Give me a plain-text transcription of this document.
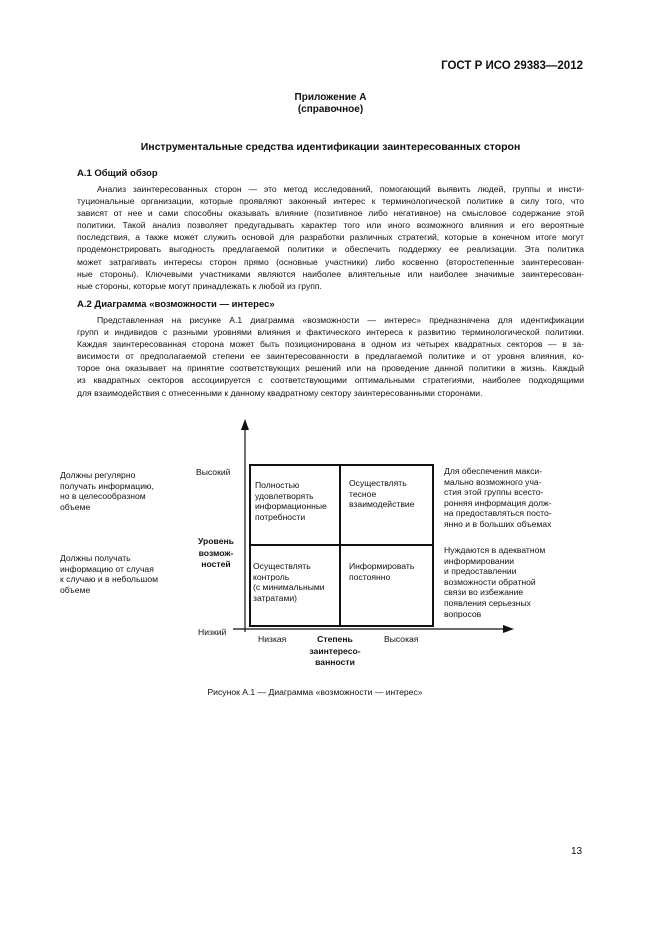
ГОСТ Р ИСО 29383—2012
Приложение А
(справочное)
Инструментальные средства идентификации заинтересованных сторон
А.1 Общий обзор
Анализ заинтересованных сторон — это метод исследований, помогающий выявить людей, группы и инсти-
туциональные организации, которые проявляют законный интерес к терминологической политике в силу того, что
зависят от нее и сами способны оказывать влияние (позитивное либо негативное) на смысловое содержание этой
политики. Такой анализ позволяет предугадывать характер того или иного возможного влияния и его вероятные
последствия, а также может служить основой для разработки различных стратегий, которые в конечном итоге могут
продемонстрировать выгодность предлагаемой политики и обеспечить поддержку ее реализации. Эта политика
может затрагивать интересы сторон прямо (основные участники) либо косвенно (второстепенные заинтересован-
ные стороны). Ключевыми участниками являются наиболее влиятельные или наиболее значимые заинтересован-
ные стороны, которые могут принадлежать к любой из групп.
А.2 Диаграмма «возможности — интерес»
Представленная на рисунке А.1 диаграмма «возможности — интерес» предназначена для идентификации
групп и индивидов с разными уровнями влияния и фактического интереса к развитию терминологической политики.
Каждая заинтересованная сторона может быть позиционирована в одном из четырех квадратных секторов — в за-
висимости от предполагаемой степени ее заинтересованности в предлагаемой политике и от уровня влияния, ко-
торое она оказывает на принятие соответствующих решений или на проведение данной политики в жизнь. Каждый
из квадратных секторов ассоциируется с соответствующими оптимальными стратегиями, наиболее подходящими
для взаимодействия с отнесенными к данному квадратному сектору заинтересованными сторонами.
Должны регулярно
получать информацию,
но в целесообразном
объеме
Должны получать
информацию от случая
к случаю и в небольшом
объеме
Высокий
Уровень
возмож-
ностей
Низкий
Полностью
удовлетворять
информационные
потребности
Осуществлять
тесное
взаимодействие
Осуществлять
контроль
(с минимальными
затратами)
Информировать
постоянно
Для обеспечения макси-
мально возможного уча-
стия этой группы всесто-
ронняя информация долж-
на предоставляться посто-
янно и в больших объемах
Нуждаются в адекватном
информировании
и предоставлении
возможности обратной
связи во избежание
появления серьезных
вопросов
Низкая	Степень
заинтересо-
ванности
Высокая
Рисунок А.1 — Диаграмма «возможности — интерес»
13
